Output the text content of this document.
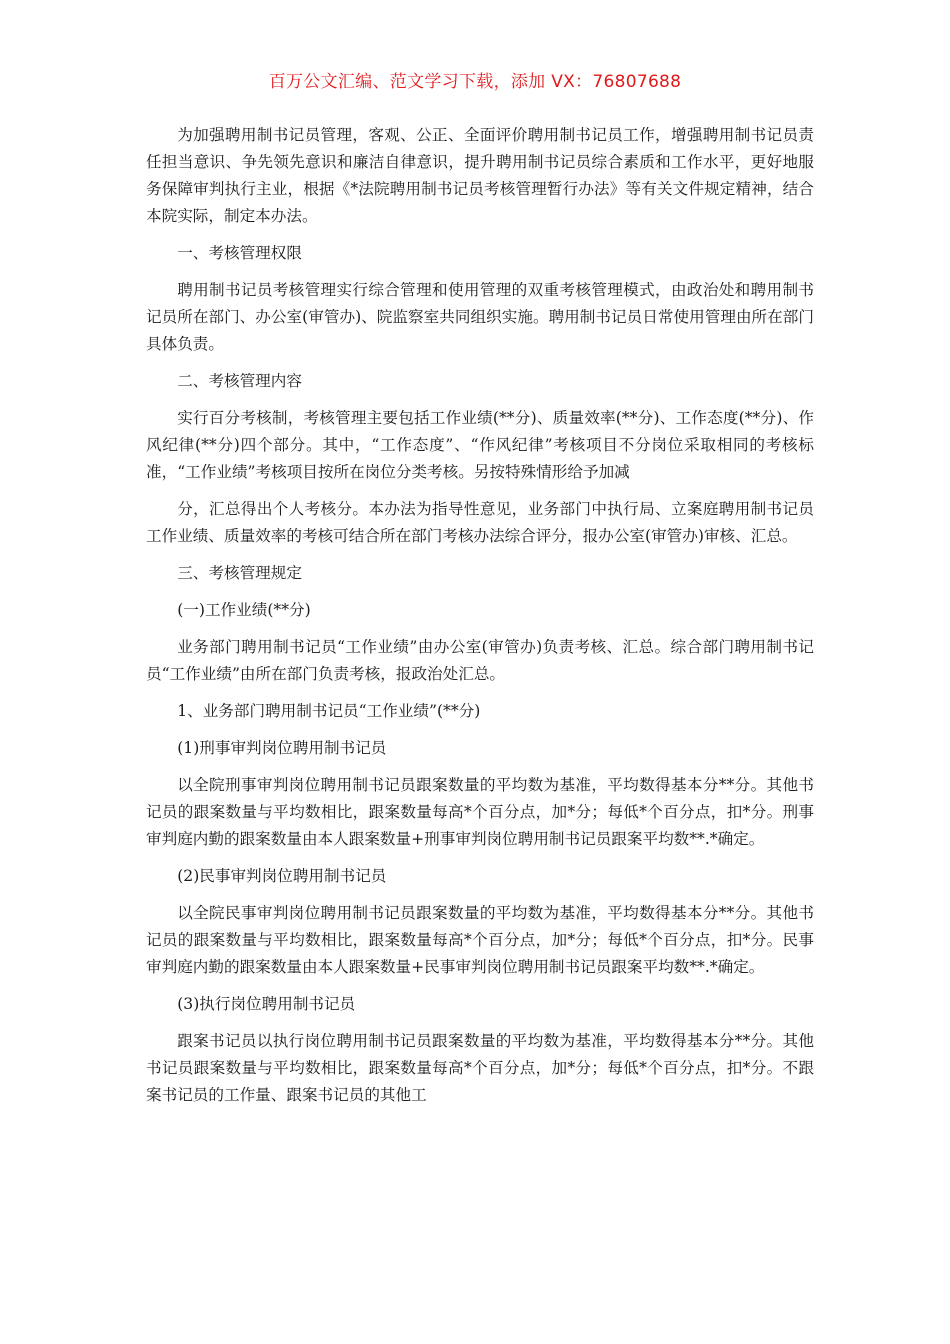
百万公文汇编、范文学习下载，添加 VX：76807688

为加强聘用制书记员管理，客观、公正、全面评价聘用制书记员工作，增强聘用制书记员责任担当意识、争先领先意识和廉洁自律意识，提升聘用制书记员综合素质和工作水平，更好地服务保障审判执行主业，根据《*法院聘用制书记员考核管理暂行办法》等有关文件规定精神，结合本院实际，制定本办法。

一、考核管理权限

聘用制书记员考核管理实行综合管理和使用管理的双重考核管理模式，由政治处和聘用制书记员所在部门、办公室(审管办)、院监察室共同组织实施。聘用制书记员日常使用管理由所在部门具体负责。

二、考核管理内容

实行百分考核制，考核管理主要包括工作业绩(**分)、质量效率(**分)、工作态度(**分)、作风纪律(**分)四个部分。其中，“工作态度”、“作风纪律”考核项目不分岗位采取相同的考核标准，“工作业绩”考核项目按所在岗位分类考核。另按特殊情形给予加减

分，汇总得出个人考核分。本办法为指导性意见，业务部门中执行局、立案庭聘用制书记员工作业绩、质量效率的考核可结合所在部门考核办法综合评分，报办公室(审管办)审核、汇总。

三、考核管理规定

(一)工作业绩(**分)

业务部门聘用制书记员“工作业绩”由办公室(审管办)负责考核、汇总。综合部门聘用制书记员“工作业绩”由所在部门负责考核，报政治处汇总。

1、业务部门聘用制书记员“工作业绩”(**分)

(1)刑事审判岗位聘用制书记员

以全院刑事审判岗位聘用制书记员跟案数量的平均数为基准，平均数得基本分**分。其他书记员的跟案数量与平均数相比，跟案数量每高*个百分点，加*分；每低*个百分点，扣*分。刑事审判庭内勤的跟案数量由本人跟案数量+刑事审判岗位聘用制书记员跟案平均数**.*确定。

(2)民事审判岗位聘用制书记员

以全院民事审判岗位聘用制书记员跟案数量的平均数为基准，平均数得基本分**分。其他书记员的跟案数量与平均数相比，跟案数量每高*个百分点，加*分；每低*个百分点，扣*分。民事审判庭内勤的跟案数量由本人跟案数量+民事审判岗位聘用制书记员跟案平均数**.*确定。

(3)执行岗位聘用制书记员

跟案书记员以执行岗位聘用制书记员跟案数量的平均数为基准，平均数得基本分**分。其他书记员跟案数量与平均数相比，跟案数量每高*个百分点，加*分；每低*个百分点，扣*分。不跟案书记员的工作量、跟案书记员的其他工
